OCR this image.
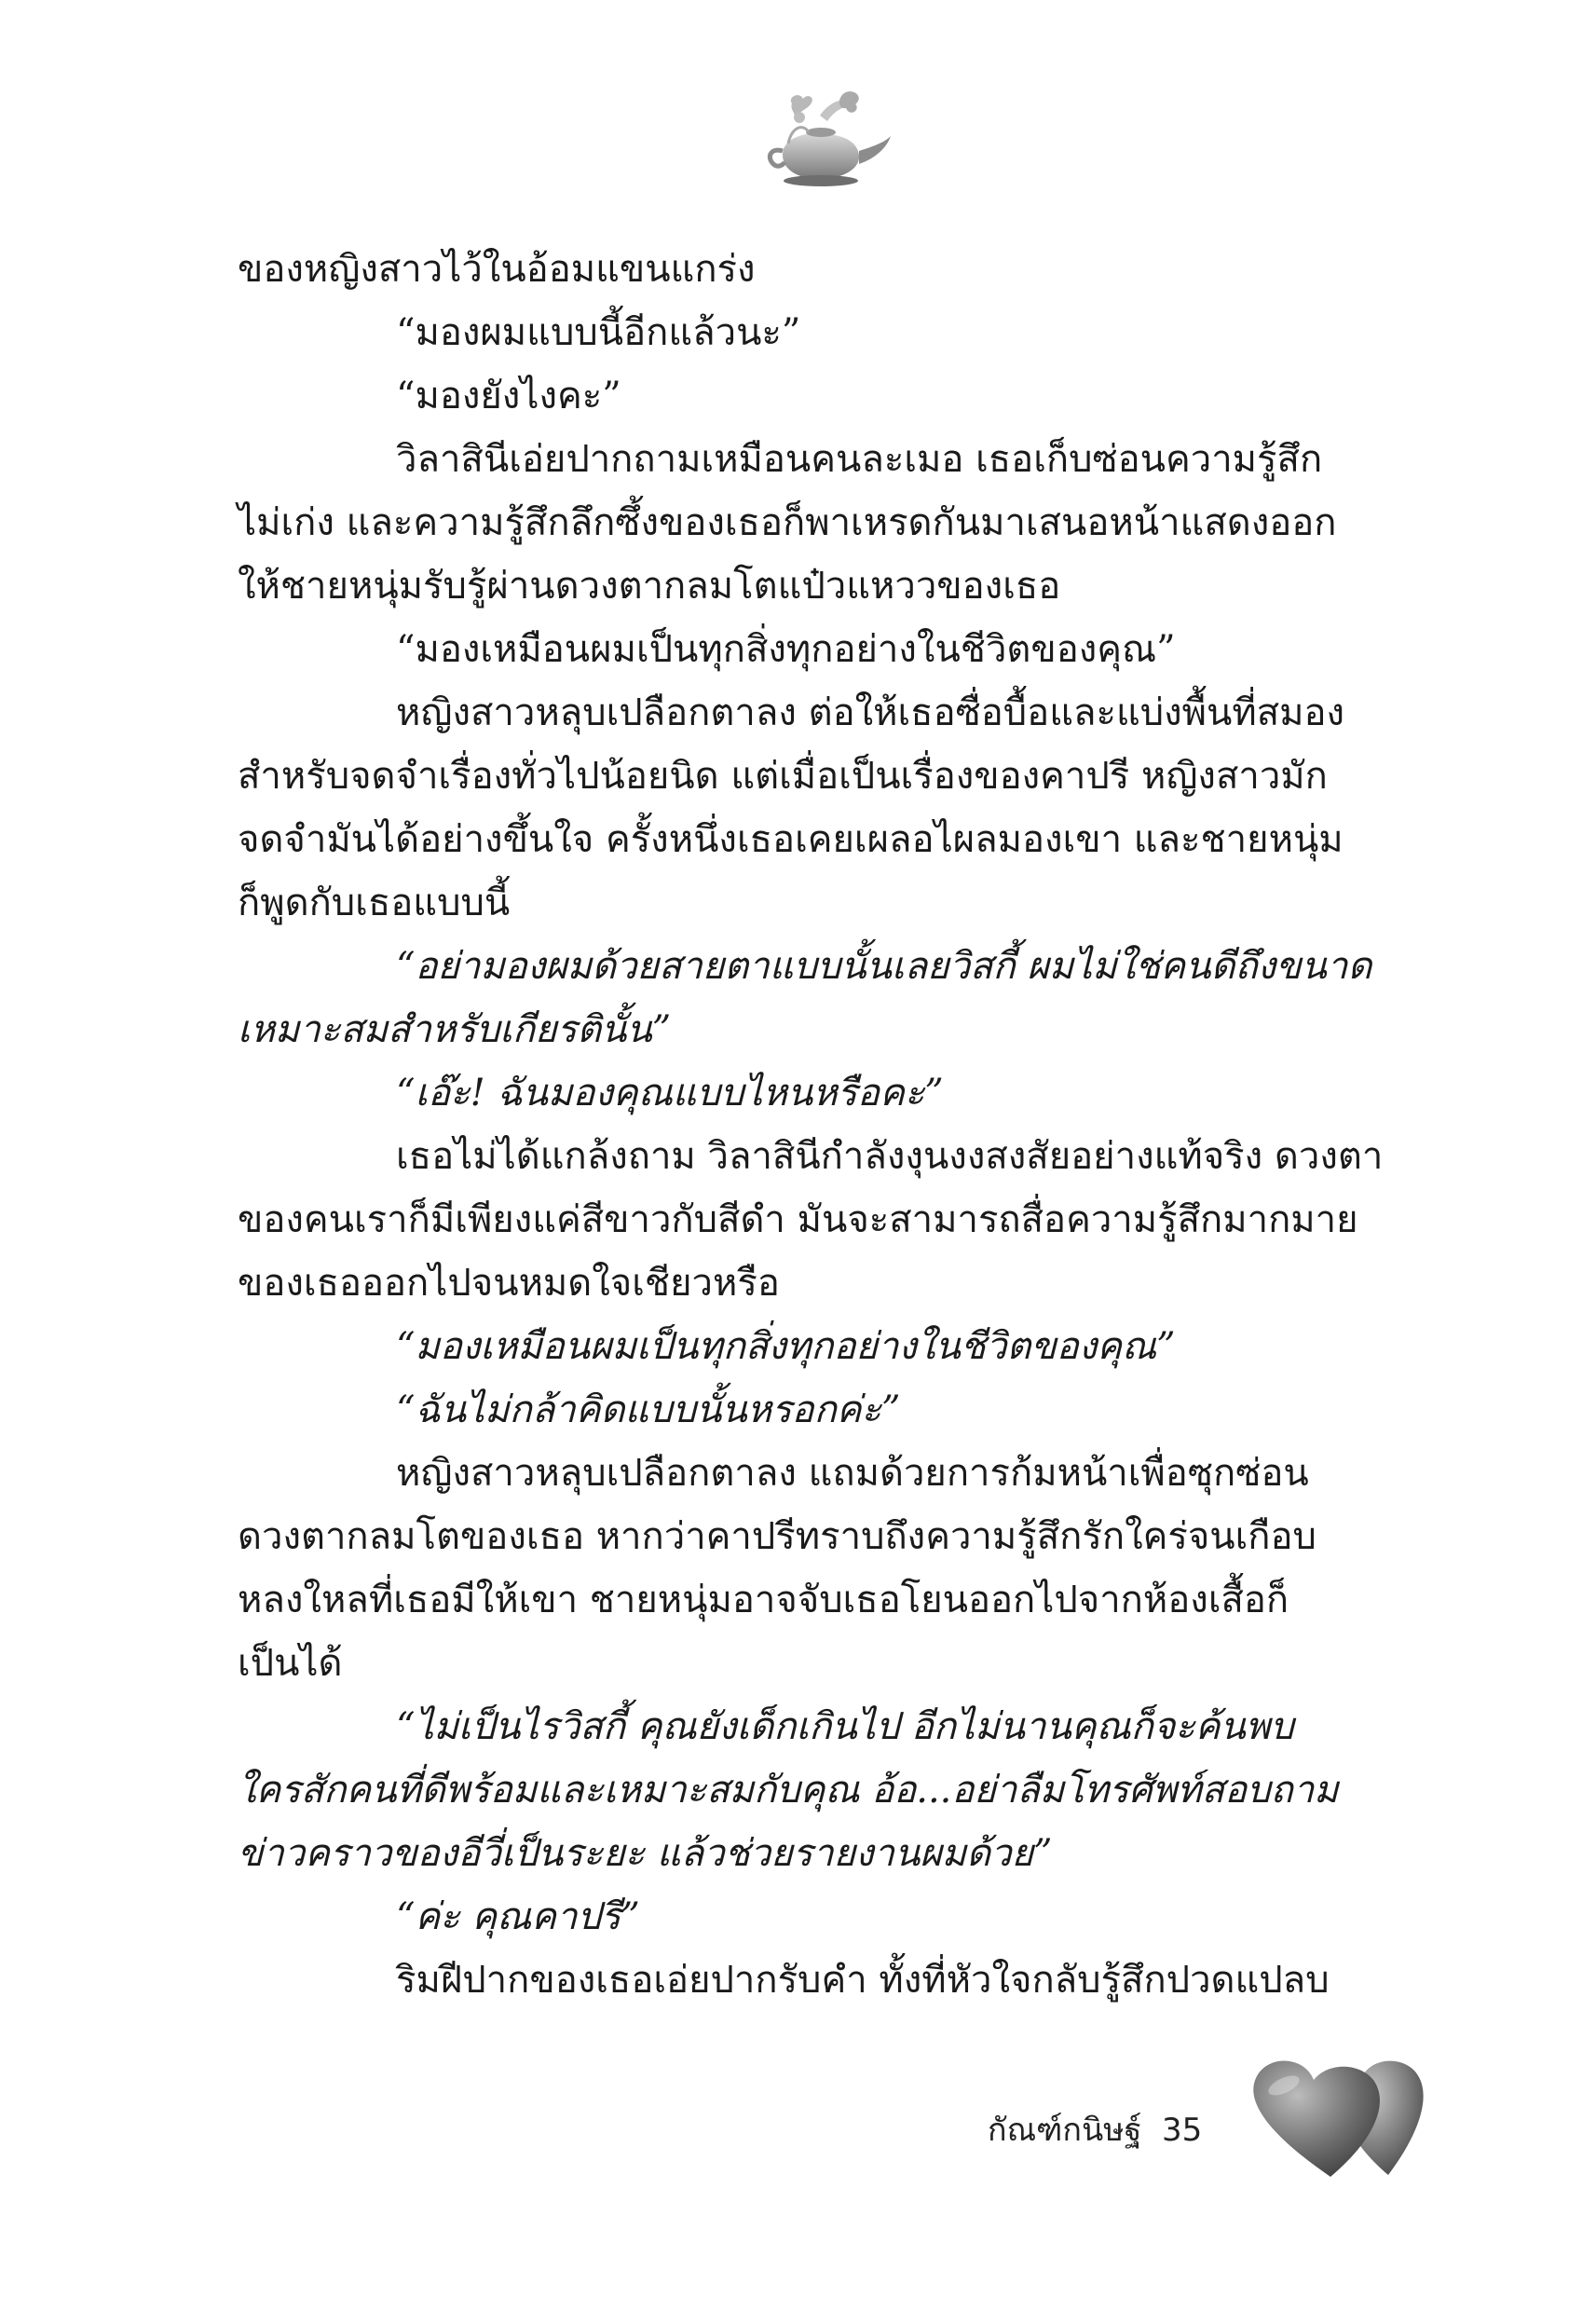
ของหญิงสาวไว้ในอ้อมแขนแกร่ง
“มองผมแบบนี้อีกแล้วนะ”
“มองยังไงคะ”
วิลาสินีเอ่ยปากถามเหมือนคนละเมอ เธอเก็บซ่อนความรู้สึก
ไม่เก่ง และความรู้สึกลึกซึ้งของเธอก็พาเหรดกันมาเสนอหน้าแสดงออก
ให้ชายหนุ่มรับรู้ผ่านดวงตากลมโตแป๋วแหววของเธอ
“มองเหมือนผมเป็นทุกสิ่งทุกอย่างในชีวิตของคุณ”
หญิงสาวหลุบเปลือกตาลง ต่อให้เธอซื่อบื้อและแบ่งพื้นที่สมอง
สำหรับจดจำเรื่องทั่วไปน้อยนิด แต่เมื่อเป็นเรื่องของคาปรี หญิงสาวมัก
จดจำมันได้อย่างขึ้นใจ ครั้งหนึ่งเธอเคยเผลอไผลมองเขา และชายหนุ่ม
ก็พูดกับเธอแบบนี้
“อย่ามองผมด้วยสายตาแบบนั้นเลยวิสกี้ ผมไม่ใช่คนดีถึงขนาด
เหมาะสมสำหรับเกียรตินั้น”
“เอ๊ะ! ฉันมองคุณแบบไหนหรือคะ”
เธอไม่ได้แกล้งถาม วิลาสินีกำลังงุนงงสงสัยอย่างแท้จริง ดวงตา
ของคนเราก็มีเพียงแค่สีขาวกับสีดำ มันจะสามารถสื่อความรู้สึกมากมาย
ของเธอออกไปจนหมดใจเชียวหรือ
“มองเหมือนผมเป็นทุกสิ่งทุกอย่างในชีวิตของคุณ”
“ฉันไม่กล้าคิดแบบนั้นหรอกค่ะ”
หญิงสาวหลุบเปลือกตาลง แถมด้วยการก้มหน้าเพื่อซุกซ่อน
ดวงตากลมโตของเธอ หากว่าคาปรีทราบถึงความรู้สึกรักใคร่จนเกือบ
หลงใหลที่เธอมีให้เขา ชายหนุ่มอาจจับเธอโยนออกไปจากห้องเสื้อก็
เป็นได้
“ไม่เป็นไรวิสกี้ คุณยังเด็กเกินไป อีกไม่นานคุณก็จะค้นพบ
ใครสักคนที่ดีพร้อมและเหมาะสมกับคุณ อ้อ...อย่าลืมโทรศัพท์สอบถาม
ข่าวคราวของอีวี่เป็นระยะ แล้วช่วยรายงานผมด้วย”
“ค่ะ คุณคาปรี”
ริมฝีปากของเธอเอ่ยปากรับคำ ทั้งที่หัวใจกลับรู้สึกปวดแปลบ
กัณฑ์กนิษฐ์ 35
